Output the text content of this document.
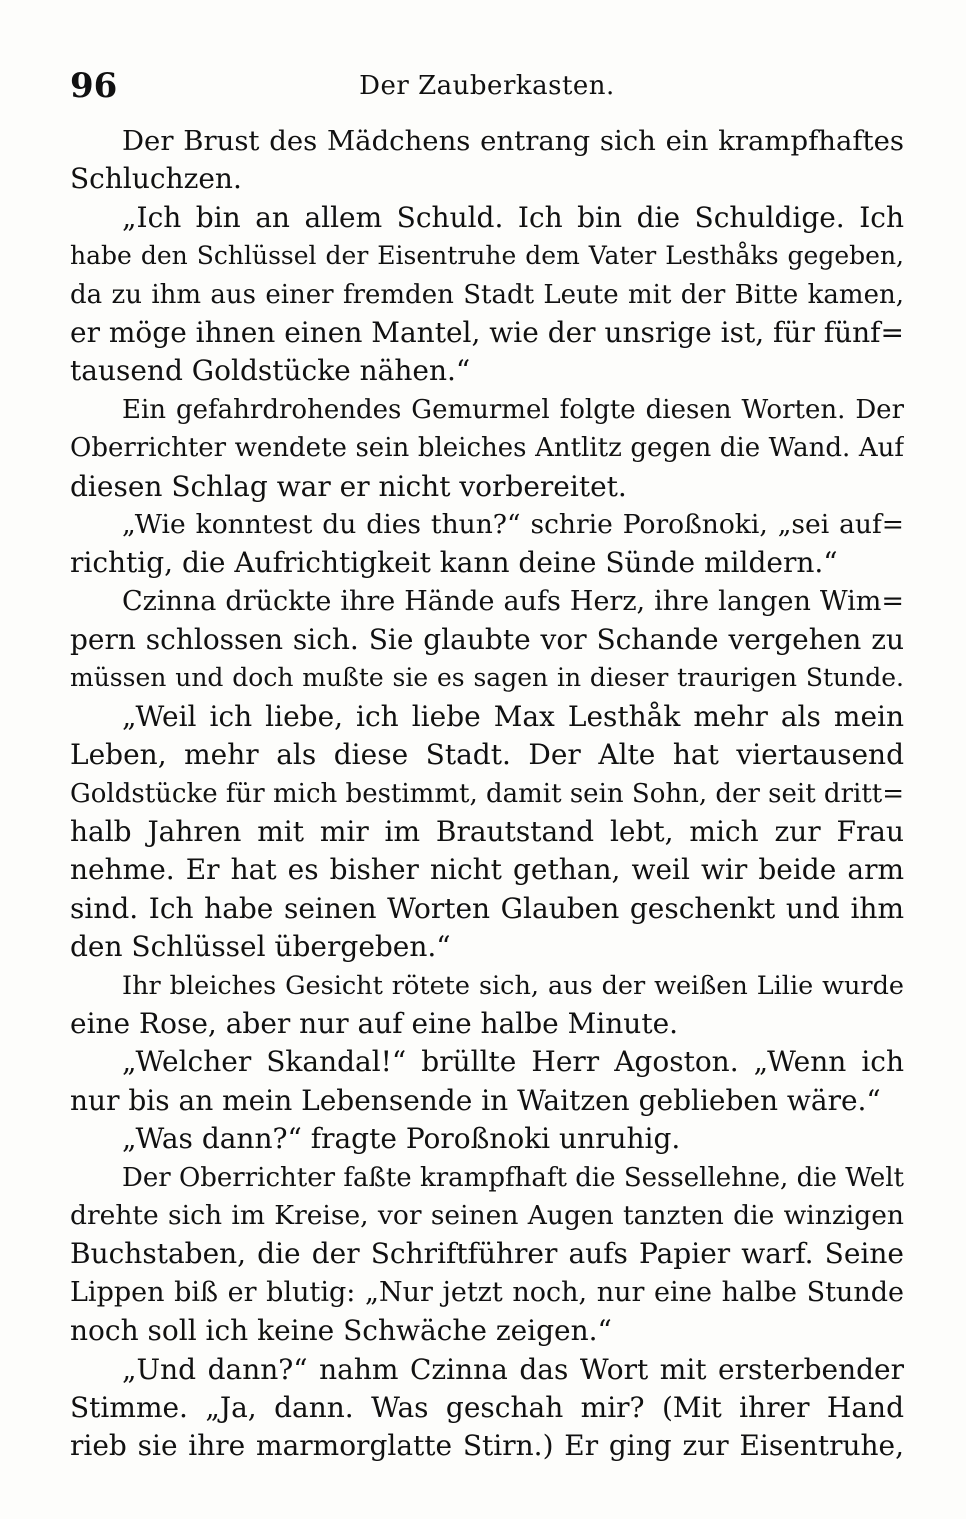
96	Der Zauberkasten.
Der Brust des Mädchens entrang sich ein krampfhaftes
Schluchzen.
„Ich bin an allem Schuld. Ich bin die Schuldige. Ich
habe den Schlüssel der Eisentruhe dem Vater Lesthåks gegeben,
da zu ihm aus einer fremden Stadt Leute mit der Bitte kamen,
er möge ihnen einen Mantel, wie der unsrige ist, für fünf=
tausend Goldstücke nähen.“
Ein gefahrdrohendes Gemurmel folgte diesen Worten. Der
Oberrichter wendete sein bleiches Antlitz gegen die Wand. Auf
diesen Schlag war er nicht vorbereitet.
„Wie konntest du dies thun?“ schrie Poroßnoki, „sei auf=
richtig, die Aufrichtigkeit kann deine Sünde mildern.“
Czinna drückte ihre Hände aufs Herz, ihre langen Wim=
pern schlossen sich. Sie glaubte vor Schande vergehen zu
müssen und doch mußte sie es sagen in dieser traurigen Stunde.
„Weil ich liebe, ich liebe Max Lesthåk mehr als mein
Leben, mehr als diese Stadt. Der Alte hat viertausend
Goldstücke für mich bestimmt, damit sein Sohn, der seit dritt=
halb Jahren mit mir im Brautstand lebt, mich zur Frau
nehme. Er hat es bisher nicht gethan, weil wir beide arm
sind. Ich habe seinen Worten Glauben geschenkt und ihm
den Schlüssel übergeben.“
Ihr bleiches Gesicht rötete sich, aus der weißen Lilie wurde
eine Rose, aber nur auf eine halbe Minute.
„Welcher Skandal!“ brüllte Herr Agoston. „Wenn ich
nur bis an mein Lebensende in Waitzen geblieben wäre.“
„Was dann?“ fragte Poroßnoki unruhig.
Der Oberrichter faßte krampfhaft die Sessellehne, die Welt
drehte sich im Kreise, vor seinen Augen tanzten die winzigen
Buchstaben, die der Schriftführer aufs Papier warf. Seine
Lippen biß er blutig: „Nur jetzt noch, nur eine halbe Stunde
noch soll ich keine Schwäche zeigen.“
„Und dann?“ nahm Czinna das Wort mit ersterbender
Stimme. „Ja, dann. Was geschah mir? (Mit ihrer Hand
rieb sie ihre marmorglatte Stirn.) Er ging zur Eisentruhe,
